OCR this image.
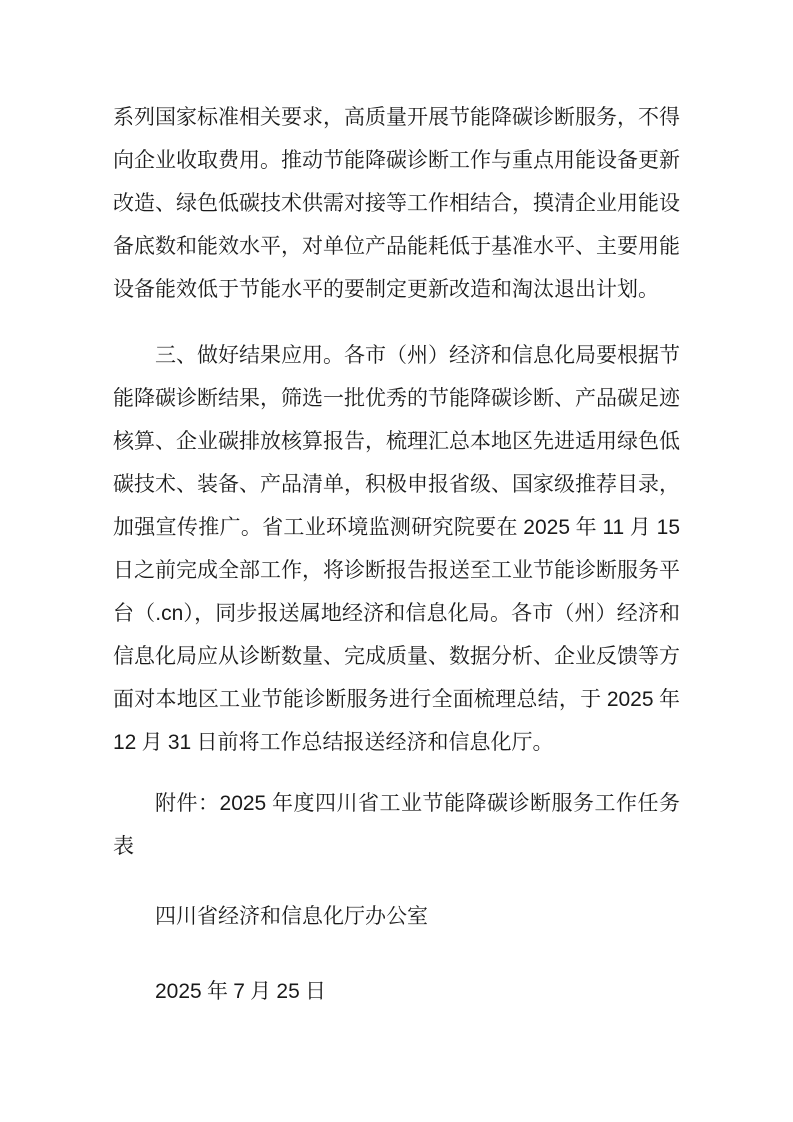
系列国家标准相关要求，高质量开展节能降碳诊断服务，不得向企业收取费用。推动节能降碳诊断工作与重点用能设备更新改造、绿色低碳技术供需对接等工作相结合，摸清企业用能设备底数和能效水平，对单位产品能耗低于基准水平、主要用能设备能效低于节能水平的要制定更新改造和淘汰退出计划。

三、做好结果应用。各市（州）经济和信息化局要根据节能降碳诊断结果，筛选一批优秀的节能降碳诊断、产品碳足迹核算、企业碳排放核算报告，梳理汇总本地区先进适用绿色低碳技术、装备、产品清单，积极申报省级、国家级推荐目录，加强宣传推广。省工业环境监测研究院要在 2025 年 11 月 15 日之前完成全部工作，将诊断报告报送至工业节能诊断服务平台（.cn），同步报送属地经济和信息化局。各市（州）经济和信息化局应从诊断数量、完成质量、数据分析、企业反馈等方面对本地区工业节能诊断服务进行全面梳理总结，于 2025 年 12 月 31 日前将工作总结报送经济和信息化厅。

附件：2025 年度四川省工业节能降碳诊断服务工作任务表

四川省经济和信息化厅办公室

2025 年 7 月 25 日
